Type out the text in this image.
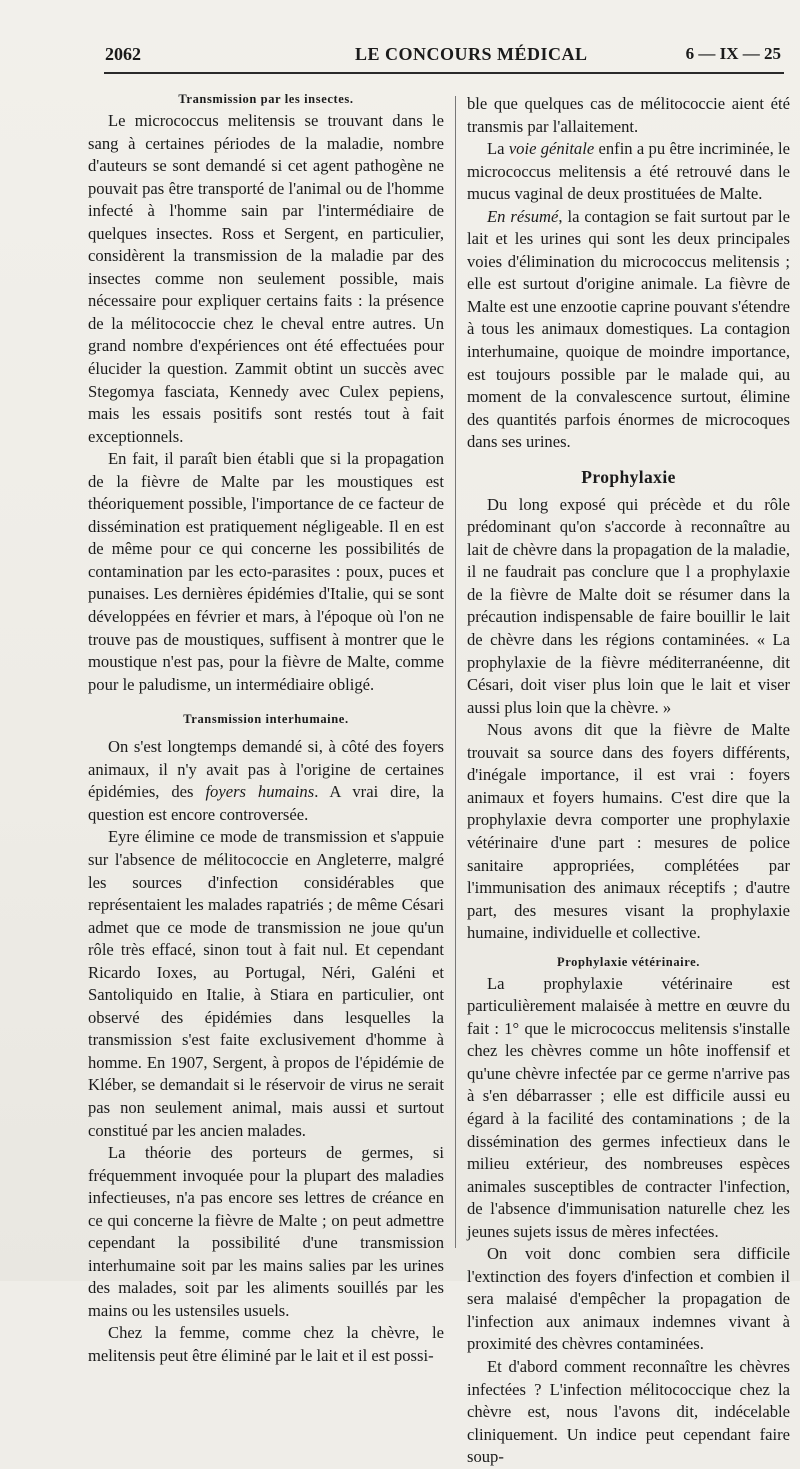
2062	LE CONCOURS MÉDICAL	6 — IX — 25

Transmission par les insectes.

Le micrococcus melitensis se trouvant dans le sang à certaines périodes de la maladie, nombre d'auteurs se sont demandé si cet agent pathogène ne pouvait pas être transporté de l'animal ou de l'homme infecté à l'homme sain par l'intermédiaire de quelques insectes. Ross et Sergent, en particulier, considèrent la transmission de la maladie par des insectes comme non seulement possible, mais nécessaire pour expliquer certains faits : la présence de la mélitococcie chez le cheval entre autres. Un grand nombre d'expériences ont été effectuées pour élucider la question. Zammit obtint un succès avec Stegomya fasciata, Kennedy avec Culex pepiens, mais les essais positifs sont restés tout à fait exceptionnels.

En fait, il paraît bien établi que si la propagation de la fièvre de Malte par les moustiques est théoriquement possible, l'importance de ce facteur de dissémination est pratiquement négligeable. Il en est de même pour ce qui concerne les possibilités de contamination par les ecto-parasites : poux, puces et punaises. Les dernières épidémies d'Italie, qui se sont développées en février et mars, à l'époque où l'on ne trouve pas de moustiques, suffisent à montrer que le moustique n'est pas, pour la fièvre de Malte, comme pour le paludisme, un intermédiaire obligé.

Transmission interhumaine.

On s'est longtemps demandé si, à côté des foyers animaux, il n'y avait pas à l'origine de certaines épidémies, des foyers humains. A vrai dire, la question est encore controversée.

Eyre élimine ce mode de transmission et s'appuie sur l'absence de mélitococcie en Angleterre, malgré les sources d'infection considérables que représentaient les malades rapatriés ; de même Césari admet que ce mode de transmission ne joue qu'un rôle très effacé, sinon tout à fait nul. Et cependant Ricardo Ioxes, au Portugal, Néri, Galéni et Santoliquido en Italie, à Stiara en particulier, ont observé des épidémies dans lesquelles la transmission s'est faite exclusivement d'homme à homme. En 1907, Sergent, à propos de l'épidémie de Kléber, se demandait si le réservoir de virus ne serait pas non seulement animal, mais aussi et surtout constitué par les ancien malades.

La théorie des porteurs de germes, si fréquemment invoquée pour la plupart des maladies infectieuses, n'a pas encore ses lettres de créance en ce qui concerne la fièvre de Malte ; on peut admettre cependant la possibilité d'une transmission interhumaine soit par les mains salies par les urines des malades, soit par les aliments souillés par les mains ou les ustensiles usuels.

Chez la femme, comme chez la chèvre, le melitensis peut être éliminé par le lait et il est possi-

ble que quelques cas de mélitococcie aient été transmis par l'allaitement.

La voie génitale enfin a pu être incriminée, le micrococcus melitensis a été retrouvé dans le mucus vaginal de deux prostituées de Malte.

En résumé, la contagion se fait surtout par le lait et les urines qui sont les deux principales voies d'élimination du micrococcus melitensis ; elle est surtout d'origine animale. La fièvre de Malte est une enzootie caprine pouvant s'étendre à tous les animaux domestiques. La contagion interhumaine, quoique de moindre importance, est toujours possible par le malade qui, au moment de la convalescence surtout, élimine des quantités parfois énormes de microcoques dans ses urines.

Prophylaxie

Du long exposé qui précède et du rôle prédominant qu'on s'accorde à reconnaître au lait de chèvre dans la propagation de la maladie, il ne faudrait pas conclure que l a prophylaxie de la fièvre de Malte doit se résumer dans la précaution indispensable de faire bouillir le lait de chèvre dans les régions contaminées. « La prophylaxie de la fièvre méditerranéenne, dit Césari, doit viser plus loin que le lait et viser aussi plus loin que la chèvre. »

Nous avons dit que la fièvre de Malte trouvait sa source dans des foyers différents, d'inégale importance, il est vrai : foyers animaux et foyers humains. C'est dire que la prophylaxie devra comporter une prophylaxie vétérinaire d'une part : mesures de police sanitaire appropriées, complétées par l'immunisation des animaux réceptifs ; d'autre part, des mesures visant la prophylaxie humaine, individuelle et collective.

Prophylaxie vétérinaire.

La prophylaxie vétérinaire est particulièrement malaisée à mettre en œuvre du fait : 1° que le micrococcus melitensis s'installe chez les chèvres comme un hôte inoffensif et qu'une chèvre infectée par ce germe n'arrive pas à s'en débarrasser ; elle est difficile aussi eu égard à la facilité des contaminations ; de la dissémination des germes infectieux dans le milieu extérieur, des nombreuses espèces animales susceptibles de contracter l'infection, de l'absence d'immunisation naturelle chez les jeunes sujets issus de mères infectées.

On voit donc combien sera difficile l'extinction des foyers d'infection et combien il sera malaisé d'empêcher la propagation de l'infection aux animaux indemnes vivant à proximité des chèvres contaminées.

Et d'abord comment reconnaître les chèvres infectées ? L'infection mélitococcique chez la chèvre est, nous l'avons dit, indécelable cliniquement. Un indice peut cependant faire soup-
